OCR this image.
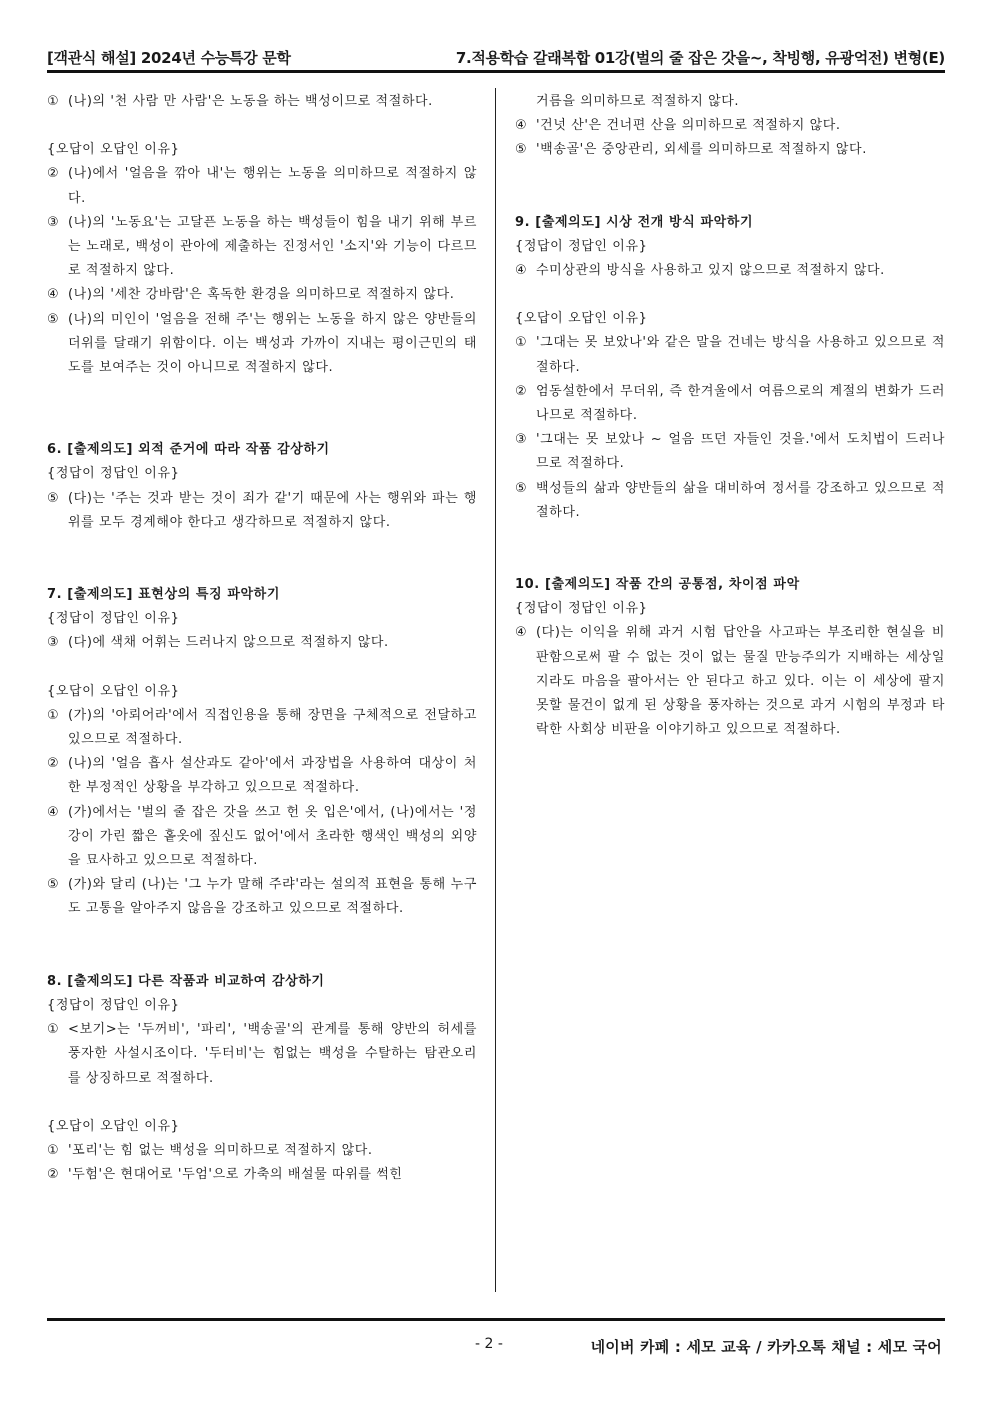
[객관식 해설] 2024년 수능특강 문학	7.적용학습 갈래복합 01강(벌의 줄 잡은 갓을~, 착빙행, 유광억전) 변형(E)
① (나)의 '천 사람 만 사람'은 노동을 하는 백성이므로 적절하다.

{오답이 오답인 이유}

② (나)에서 '얼음을 깎아 내'는 행위는 노동을 의미하므로 적절하지 않다.
③ (나)의 '노동요'는 고달픈 노동을 하는 백성들이 힘을 내기 위해 부르는 노래로, 백성이 관아에 제출하는 진정서인 '소지'와 기능이 다르므로 적절하지 않다.
④ (나)의 '세찬 강바람'은 혹독한 환경을 의미하므로 적절하지 않다.
⑤ (나)의 미인이 '얼음을 전해 주'는 행위는 노동을 하지 않은 양반들의 더위를 달래기 위함이다. 이는 백성과 가까이 지내는 평이근민의 태도를 보여주는 것이 아니므로 적절하지 않다.

6. [출제의도] 외적 준거에 따라 작품 감상하기

{정답이 정답인 이유}

⑤ (다)는 '주는 것과 받는 것이 죄가 같'기 때문에 사는 행위와 파는 행위를 모두 경계해야 한다고 생각하므로 적절하지 않다.

7. [출제의도] 표현상의 특징 파악하기

{정답이 정답인 이유}

③ (다)에 색채 어휘는 드러나지 않으므로 적절하지 않다.

{오답이 오답인 이유}

① (가)의 '아뢰어라'에서 직접인용을 통해 장면을 구체적으로 전달하고 있으므로 적절하다.
② (나)의 '얼음 흡사 설산과도 같아'에서 과장법을 사용하여 대상이 처한 부정적인 상황을 부각하고 있으므로 적절하다.
④ (가)에서는 '벌의 줄 잡은 갓을 쓰고 헌 옷 입은'에서, (나)에서는 '정강이 가린 짧은 홑옷에 짚신도 없어'에서 초라한 행색인 백성의 외양을 묘사하고 있으므로 적절하다.
⑤ (가)와 달리 (나)는 '그 누가 말해 주랴'라는 설의적 표현을 통해 누구도 고통을 알아주지 않음을 강조하고 있으므로 적절하다.

8. [출제의도] 다른 작품과 비교하여 감상하기

{정답이 정답인 이유}

① <보기>는 '두꺼비', '파리', '백송골'의 관계를 통해 양반의 허세를 풍자한 사설시조이다. '두터비'는 힘없는 백성을 수탈하는 탐관오리를 상징하므로 적절하다.

{오답이 오답인 이유}

① '포리'는 힘 없는 백성을 의미하므로 적절하지 않다.
② '두험'은 현대어로 '두엄'으로 가축의 배설물 따위를 썩힌
거름을 의미하므로 적절하지 않다.
④ '건넛 산'은 건너편 산을 의미하므로 적절하지 않다.
⑤ '백송골'은 중앙관리, 외세를 의미하므로 적절하지 않다.

9. [출제의도] 시상 전개 방식 파악하기

{정답이 정답인 이유}

④ 수미상관의 방식을 사용하고 있지 않으므로 적절하지 않다.

{오답이 오답인 이유}

① '그대는 못 보았나'와 같은 말을 건네는 방식을 사용하고 있으므로 적절하다.
② 엄동설한에서 무더위, 즉 한겨울에서 여름으로의 계절의 변화가 드러나므로 적절하다.
③ '그대는 못 보았나 ~ 얼음 뜨던 자들인 것을.'에서 도치법이 드러나므로 적절하다.
⑤ 백성들의 삶과 양반들의 삶을 대비하여 정서를 강조하고 있으므로 적절하다.

10. [출제의도] 작품 간의 공통점, 차이점 파악

{정답이 정답인 이유}

④ (다)는 이익을 위해 과거 시험 답안을 사고파는 부조리한 현실을 비판함으로써 팔 수 없는 것이 없는 물질 만능주의가 지배하는 세상일지라도 마음을 팔아서는 안 된다고 하고 있다. 이는 이 세상에 팔지 못할 물건이 없게 된 상황을 풍자하는 것으로 과거 시험의 부정과 타락한 사회상 비판을 이야기하고 있으므로 적절하다.
- 2 -	네이버 카페 : 세모 교육 / 카카오톡 채널 : 세모 국어
